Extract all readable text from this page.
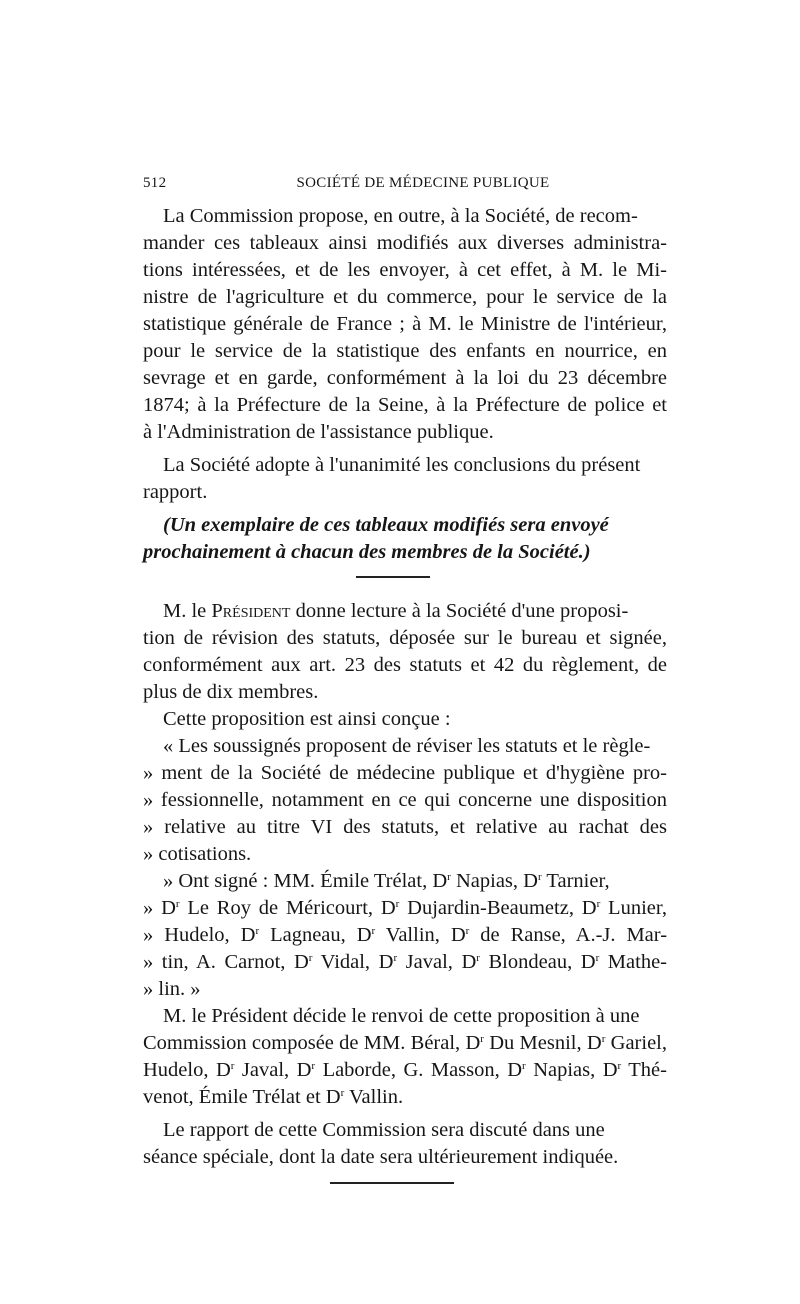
512	SOCIÉTÉ DE MÉDECINE PUBLIQUE
La Commission propose, en outre, à la Société, de recom-
mander ces tableaux ainsi modifiés aux diverses administra-
tions intéressées, et de les envoyer, à cet effet, à M. le Mi-
nistre de l'agriculture et du commerce, pour le service de la
statistique générale de France ; à M. le Ministre de l'intérieur,
pour le service de la statistique des enfants en nourrice, en
sevrage et en garde, conformément à la loi du 23 décembre
1874; à la Préfecture de la Seine, à la Préfecture de police et
à l'Administration de l'assistance publique.
La Société adopte à l'unanimité les conclusions du présent
rapport.
(Un exemplaire de ces tableaux modifiés sera envoyé
prochainement à chacun des membres de la Société.)
M. le Président donne lecture à la Société d'une proposi-
tion de révision des statuts, déposée sur le bureau et signée,
conformément aux art. 23 des statuts et 42 du règlement, de
plus de dix membres.
Cette proposition est ainsi conçue :
« Les soussignés proposent de réviser les statuts et le règle-
» ment de la Société de médecine publique et d'hygiène pro-
» fessionnelle, notamment en ce qui concerne une disposition
» relative au titre VI des statuts, et relative au rachat des
» cotisations.
» Ont signé : MM. Émile Trélat, $D^r$ Napias, $D^r$ Tarnier,
» $D^r$ Le Roy de Méricourt, $D^r$ Dujardin-Beaumetz, $D^r$ Lunier,
» Hudelo, $D^r$ Lagneau, $D^r$ Vallin, $D^r$ de Ranse, A.-J. Mar-
» tin, A. Carnot, $D^r$ Vidal, $D^r$ Javal, $D^r$ Blondeau, $D^r$ Mathe-
» lin. »
M. le Président décide le renvoi de cette proposition à une
Commission composée de MM. Béral, $D^r$ Du Mesnil, $D^r$ Gariel,
Hudelo, $D^r$ Javal, $D^r$ Laborde, G. Masson, $D^r$ Napias, $D^r$ Thé-
venot, Émile Trélat et $D^r$ Vallin.
Le rapport de cette Commission sera discuté dans une
séance spéciale, dont la date sera ultérieurement indiquée.
